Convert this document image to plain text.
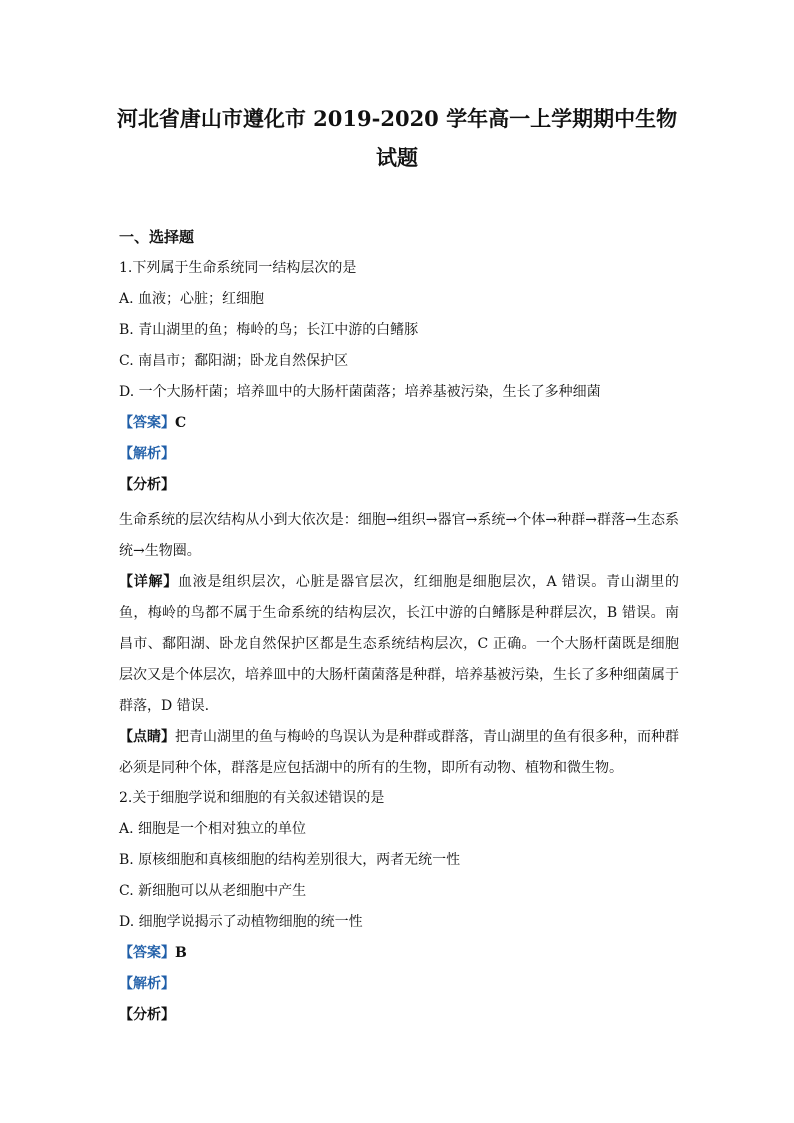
河北省唐山市遵化市 2019-2020 学年高一上学期期中生物
试题
一、选择题
1.下列属于生命系统同一结构层次的是
A. 血液；心脏；红细胞
B. 青山湖里的鱼；梅岭的鸟；长江中游的白鳍豚
C. 南昌市；鄱阳湖；卧龙自然保护区
D. 一个大肠杆菌；培养皿中的大肠杆菌菌落；培养基被污染，生长了多种细菌
【答案】C
【解析】
【分析】
生命系统的层次结构从小到大依次是：细胞→组织→器官→系统→个体→种群→群落→生态系统→生物圈。
【详解】血液是组织层次，心脏是器官层次，红细胞是细胞层次，A 错误。青山湖里的鱼，梅岭的鸟都不属于生命系统的结构层次，长江中游的白鳍豚是种群层次，B 错误。南昌市、鄱阳湖、卧龙自然保护区都是生态系统结构层次，C 正确。一个大肠杆菌既是细胞层次又是个体层次，培养皿中的大肠杆菌菌落是种群，培养基被污染，生长了多种细菌属于群落，D 错误.
【点睛】把青山湖里的鱼与梅岭的鸟误认为是种群或群落，青山湖里的鱼有很多种，而种群必须是同种个体，群落是应包括湖中的所有的生物，即所有动物、植物和微生物。
2.关于细胞学说和细胞的有关叙述错误的是
A. 细胞是一个相对独立的单位
B. 原核细胞和真核细胞的结构差别很大，两者无统一性
C. 新细胞可以从老细胞中产生
D. 细胞学说揭示了动植物细胞的统一性
【答案】B
【解析】
【分析】
